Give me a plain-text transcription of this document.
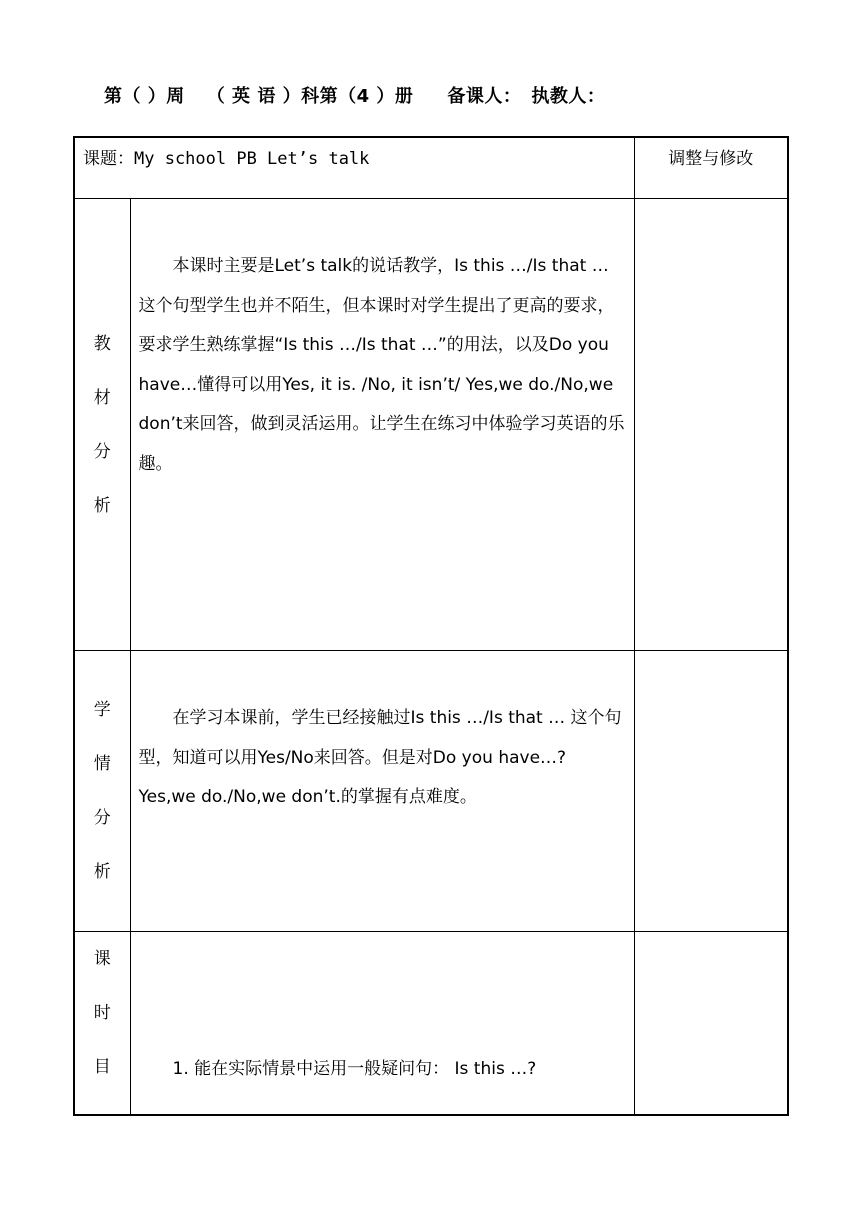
第（ ）周 （ 英 语 ）科第（4 ）册 备课人： 执教人：
课题：My school PB Let’s talk		调整与修改

教
材
分
析	本课时主要是Let’s talk的说话教学，Is this …/Is that … 这个句型学生也并不陌生，但本课时对学生提出了更高的要求，要求学生熟练掌握“Is this …/Is that …”的用法，以及Do you have…懂得可以用Yes, it is. /No, it isn’t/ Yes,we do./No,we don’t来回答，做到灵活运用。让学生在练习中体验学习英语的乐趣。	

学
情
分
析	在学习本课前，学生已经接触过Is this …/Is that … 这个句型，知道可以用Yes/No来回答。但是对Do you have…? Yes,we do./No,we don’t.的掌握有点难度。	

课
时
目	1. 能在实际情景中运用一般疑问句： Is this …?	
